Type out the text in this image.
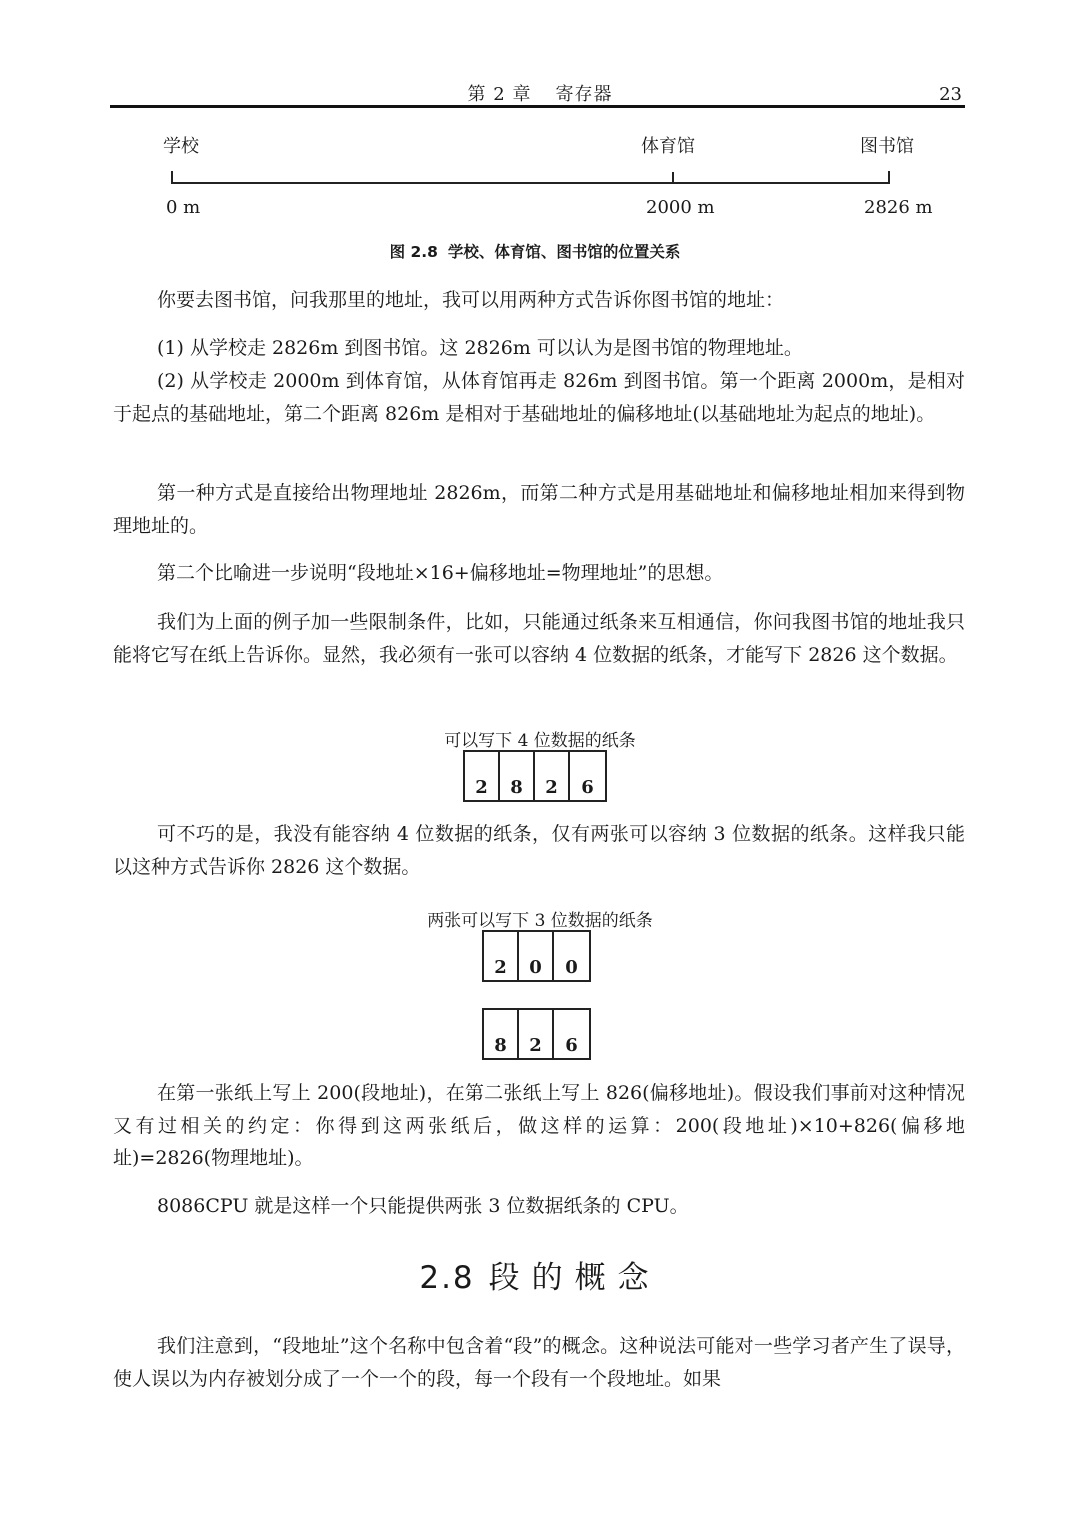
第 2 章 寄存器	23
学校	体育馆	图书馆
0 m	2000 m	2826 m
图 2.8 学校、体育馆、图书馆的位置关系
你要去图书馆，问我那里的地址，我可以用两种方式告诉你图书馆的地址：
(1) 从学校走 2826m 到图书馆。这 2826m 可以认为是图书馆的物理地址。
(2) 从学校走 2000m 到体育馆，从体育馆再走 826m 到图书馆。第一个距离 2000m，是相对于起点的基础地址，第二个距离 826m 是相对于基础地址的偏移地址(以基础地址为起点的地址)。
第一种方式是直接给出物理地址 2826m，而第二种方式是用基础地址和偏移地址相加来得到物理地址的。
第二个比喻进一步说明“段地址×16+偏移地址=物理地址”的思想。
我们为上面的例子加一些限制条件，比如，只能通过纸条来互相通信，你问我图书馆的地址我只能将它写在纸上告诉你。显然，我必须有一张可以容纳 4 位数据的纸条，才能写下 2826 这个数据。
可以写下 4 位数据的纸条
2	8	2	6
可不巧的是，我没有能容纳 4 位数据的纸条，仅有两张可以容纳 3 位数据的纸条。这样我只能以这种方式告诉你 2826 这个数据。
两张可以写下 3 位数据的纸条
2	0	0
8	2	6
在第一张纸上写上 200(段地址)，在第二张纸上写上 826(偏移地址)。假设我们事前对这种情况又有过相关的约定：你得到这两张纸后，做这样的运算：200(段地址)×10+826(偏移地址)=2826(物理地址)。
8086CPU 就是这样一个只能提供两张 3 位数据纸条的 CPU。
2.8 段的概念
我们注意到，“段地址”这个名称中包含着“段”的概念。这种说法可能对一些学习者产生了误导，使人误以为内存被划分成了一个一个的段，每一个段有一个段地址。如果
